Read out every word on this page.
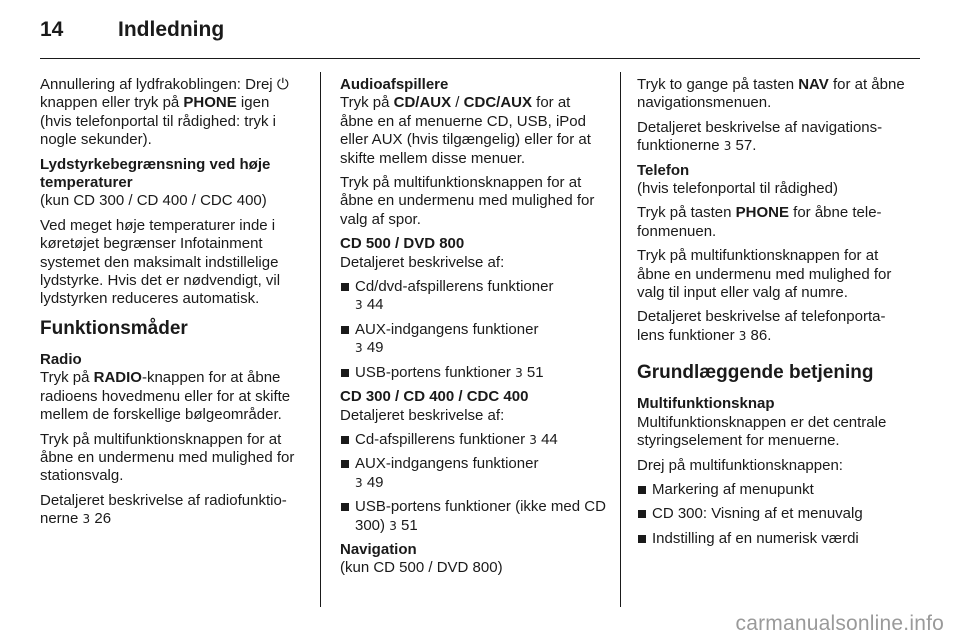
14	Indledning

Annullering af lydfrakoblingen: Drej ⏻ knappen eller tryk på PHONE igen (hvis telefonportal til rådighed: tryk i nogle sekunder).

Lydstyrkebegrænsning ved høje temperaturer

(kun CD 300 / CD 400 / CDC 400)

Ved meget høje temperaturer inde i køretøjet begrænser Infotainment systemet den maksimalt indstillelige lydstyrke. Hvis det er nødvendigt, vil lydstyrken reduceres automatisk.

Funktionsmåder
Radio

Tryk på RADIO-knappen for at åbne radioens hovedmenu eller for at skifte mellem de forskellige bølgeområder.

Tryk på multifunktionsknappen for at åbne en undermenu med mulighed for stationsvalg.

Detaljeret beskrivelse af radiofunktio-nerne 3 26

Audioafspillere

Tryk på CD/AUX / CDC/AUX for at åbne en af menuerne CD, USB, iPod eller AUX (hvis tilgængelig) eller for at skifte mellem disse menuer.

Tryk på multifunktionsknappen for at åbne en undermenu med mulighed for valg af spor.

CD 500 / DVD 800

Detaljeret beskrivelse af:

Cd/dvd-afspillerens funktioner
3 44
AUX-indgangens funktioner
3 49
USB-portens funktioner 3 51
CD 300 / CD 400 / CDC 400

Detaljeret beskrivelse af:

Cd-afspillerens funktioner 3 44
AUX-indgangens funktioner
3 49
USB-portens funktioner (ikke med CD 300) 3 51
Navigation

(kun CD 500 / DVD 800)

Tryk to gange på tasten NAV for at åbne navigationsmenuen.

Detaljeret beskrivelse af navigations-funktionerne 3 57.

Telefon

(hvis telefonportal til rådighed)

Tryk på tasten PHONE for åbne tele-fonmenuen.

Tryk på multifunktionsknappen for at åbne en undermenu med mulighed for valg til input eller valg af numre.

Detaljeret beskrivelse af telefonporta-lens funktioner 3 86.

Grundlæggende betjening
Multifunktionsknap

Multifunktionsknappen er det centrale styringselement for menuerne.

Drej på multifunktionsknappen:

Markering af menupunkt
CD 300: Visning af et menuvalg
Indstilling af en numerisk værdi
carmanualsonline.info
